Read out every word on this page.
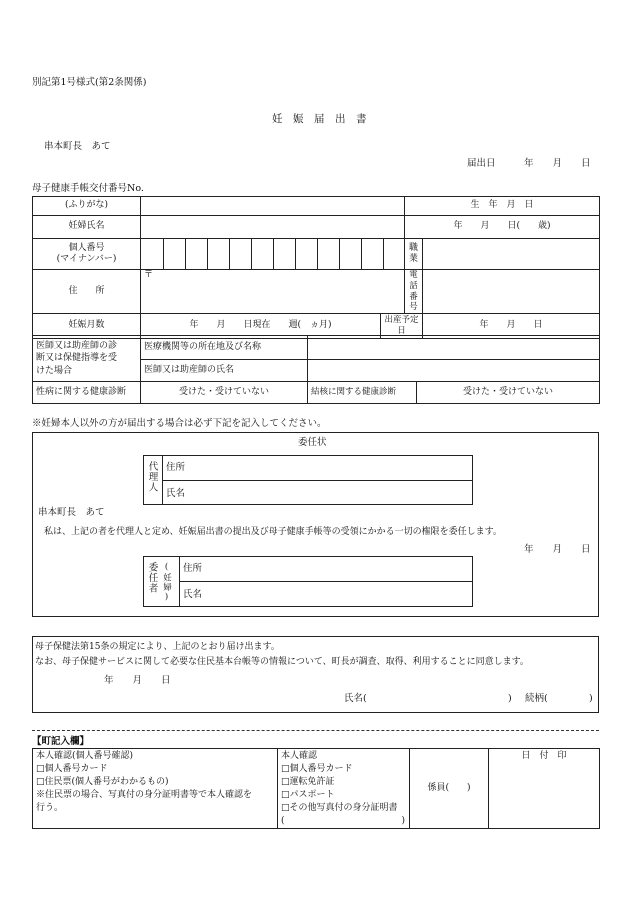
別記第1号様式(第2条関係)
妊　娠　届　出　書
串本町長　あて
届出日　　　年　　月　　日
母子健康手帳交付番号No.
(ふりがな)			生　年　月　日	
妊婦氏名			年　　月　　日(　　歳)	

個人番号
(マイナンバー)			職業	
住　　所	〒		電話番号	
妊娠月数	年　　月　　日現在　　週(　ヵ月)	出産予定日		年　　月　　日
医師又は助産師の診
断又は保健指導を受
けた場合	医療機関等の所在地及び名称		
	医師又は助産師の氏名		
性病に関する健康診断	受けた・受けていない	結核に関する健康診断	受けた・受けていない
※妊婦本人以外の方が届出する場合は必ず下記を記入してください。
委任状
代理人 住所
氏名
串本町長　あて
私は、上記の者を代理人と定め、妊娠届出書の提出及び母子健康手帳等の受領にかかる一切の権限を委任します。
年　　月　　日
委任者 (妊婦) 住所
氏名
母子保健法第15条の規定により、上記のとおり届け出ます。
なお、母子保健サービスに関して必要な住民基本台帳等の情報について、町長が調査、取得、利用することに同意します。
年　　月　　日
氏名(	) 続柄(	)
【町記入欄】
本人確認(個人番号確認)
□個人番号カード
□住民票(個人番号がわかるもの)
※住民票の場合、写真付の身分証明書等で本人確認を
行う。

本人確認
□個人番号カード
□運転免許証
□パスポート
□その他写真付の身分証明書
(　　　　　　　　　　　　　)
	係員(　　)	日　付　印
